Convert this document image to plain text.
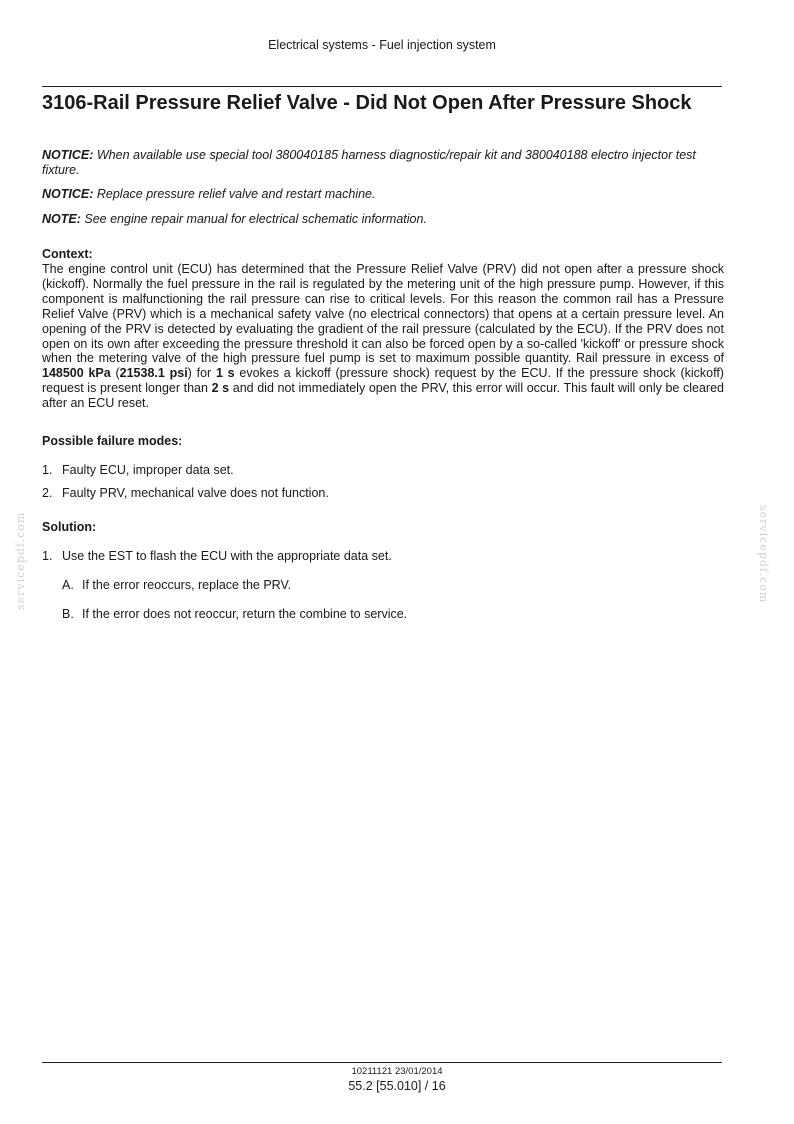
Electrical systems - Fuel injection system
3106-Rail Pressure Relief Valve - Did Not Open After Pressure Shock

NOTICE: When available use special tool 380040185 harness diagnostic/repair kit and 380040188 electro injector test fixture.

NOTICE: Replace pressure relief valve and restart machine.

NOTE: See engine repair manual for electrical schematic information.

Context:

The engine control unit (ECU) has determined that the Pressure Relief Valve (PRV) did not open after a pressure shock (kickoff). Normally the fuel pressure in the rail is regulated by the metering unit of the high pressure pump. However, if this component is malfunctioning the rail pressure can rise to critical levels. For this reason the common rail has a Pressure Relief Valve (PRV) which is a mechanical safety valve (no electrical connectors) that opens at a certain pressure level. An opening of the PRV is detected by evaluating the gradient of the rail pressure (calculated by the ECU). If the PRV does not open on its own after exceeding the pressure threshold it can also be forced open by a so-called 'kickoff' or pressure shock when the metering valve of the high pressure fuel pump is set to maximum possible quantity. Rail pressure in excess of 148500 kPa (21538.1 psi) for 1 s evokes a kickoff (pressure shock) request by the ECU. If the pressure shock (kickoff) request is present longer than 2 s and did not immediately open the PRV, this error will occur. This fault will only be cleared after an ECU reset.

Possible failure modes:

1. Faulty ECU, improper data set.

2. Faulty PRV, mechanical valve does not function.

Solution:

1. Use the EST to flash the ECU with the appropriate data set.

A. If the error reoccurs, replace the PRV.

B. If the error does not reoccur, return the combine to service.

servicepdf.com	servicepdf.com
10211121 23/01/2014
55.2 [55.010] / 16
